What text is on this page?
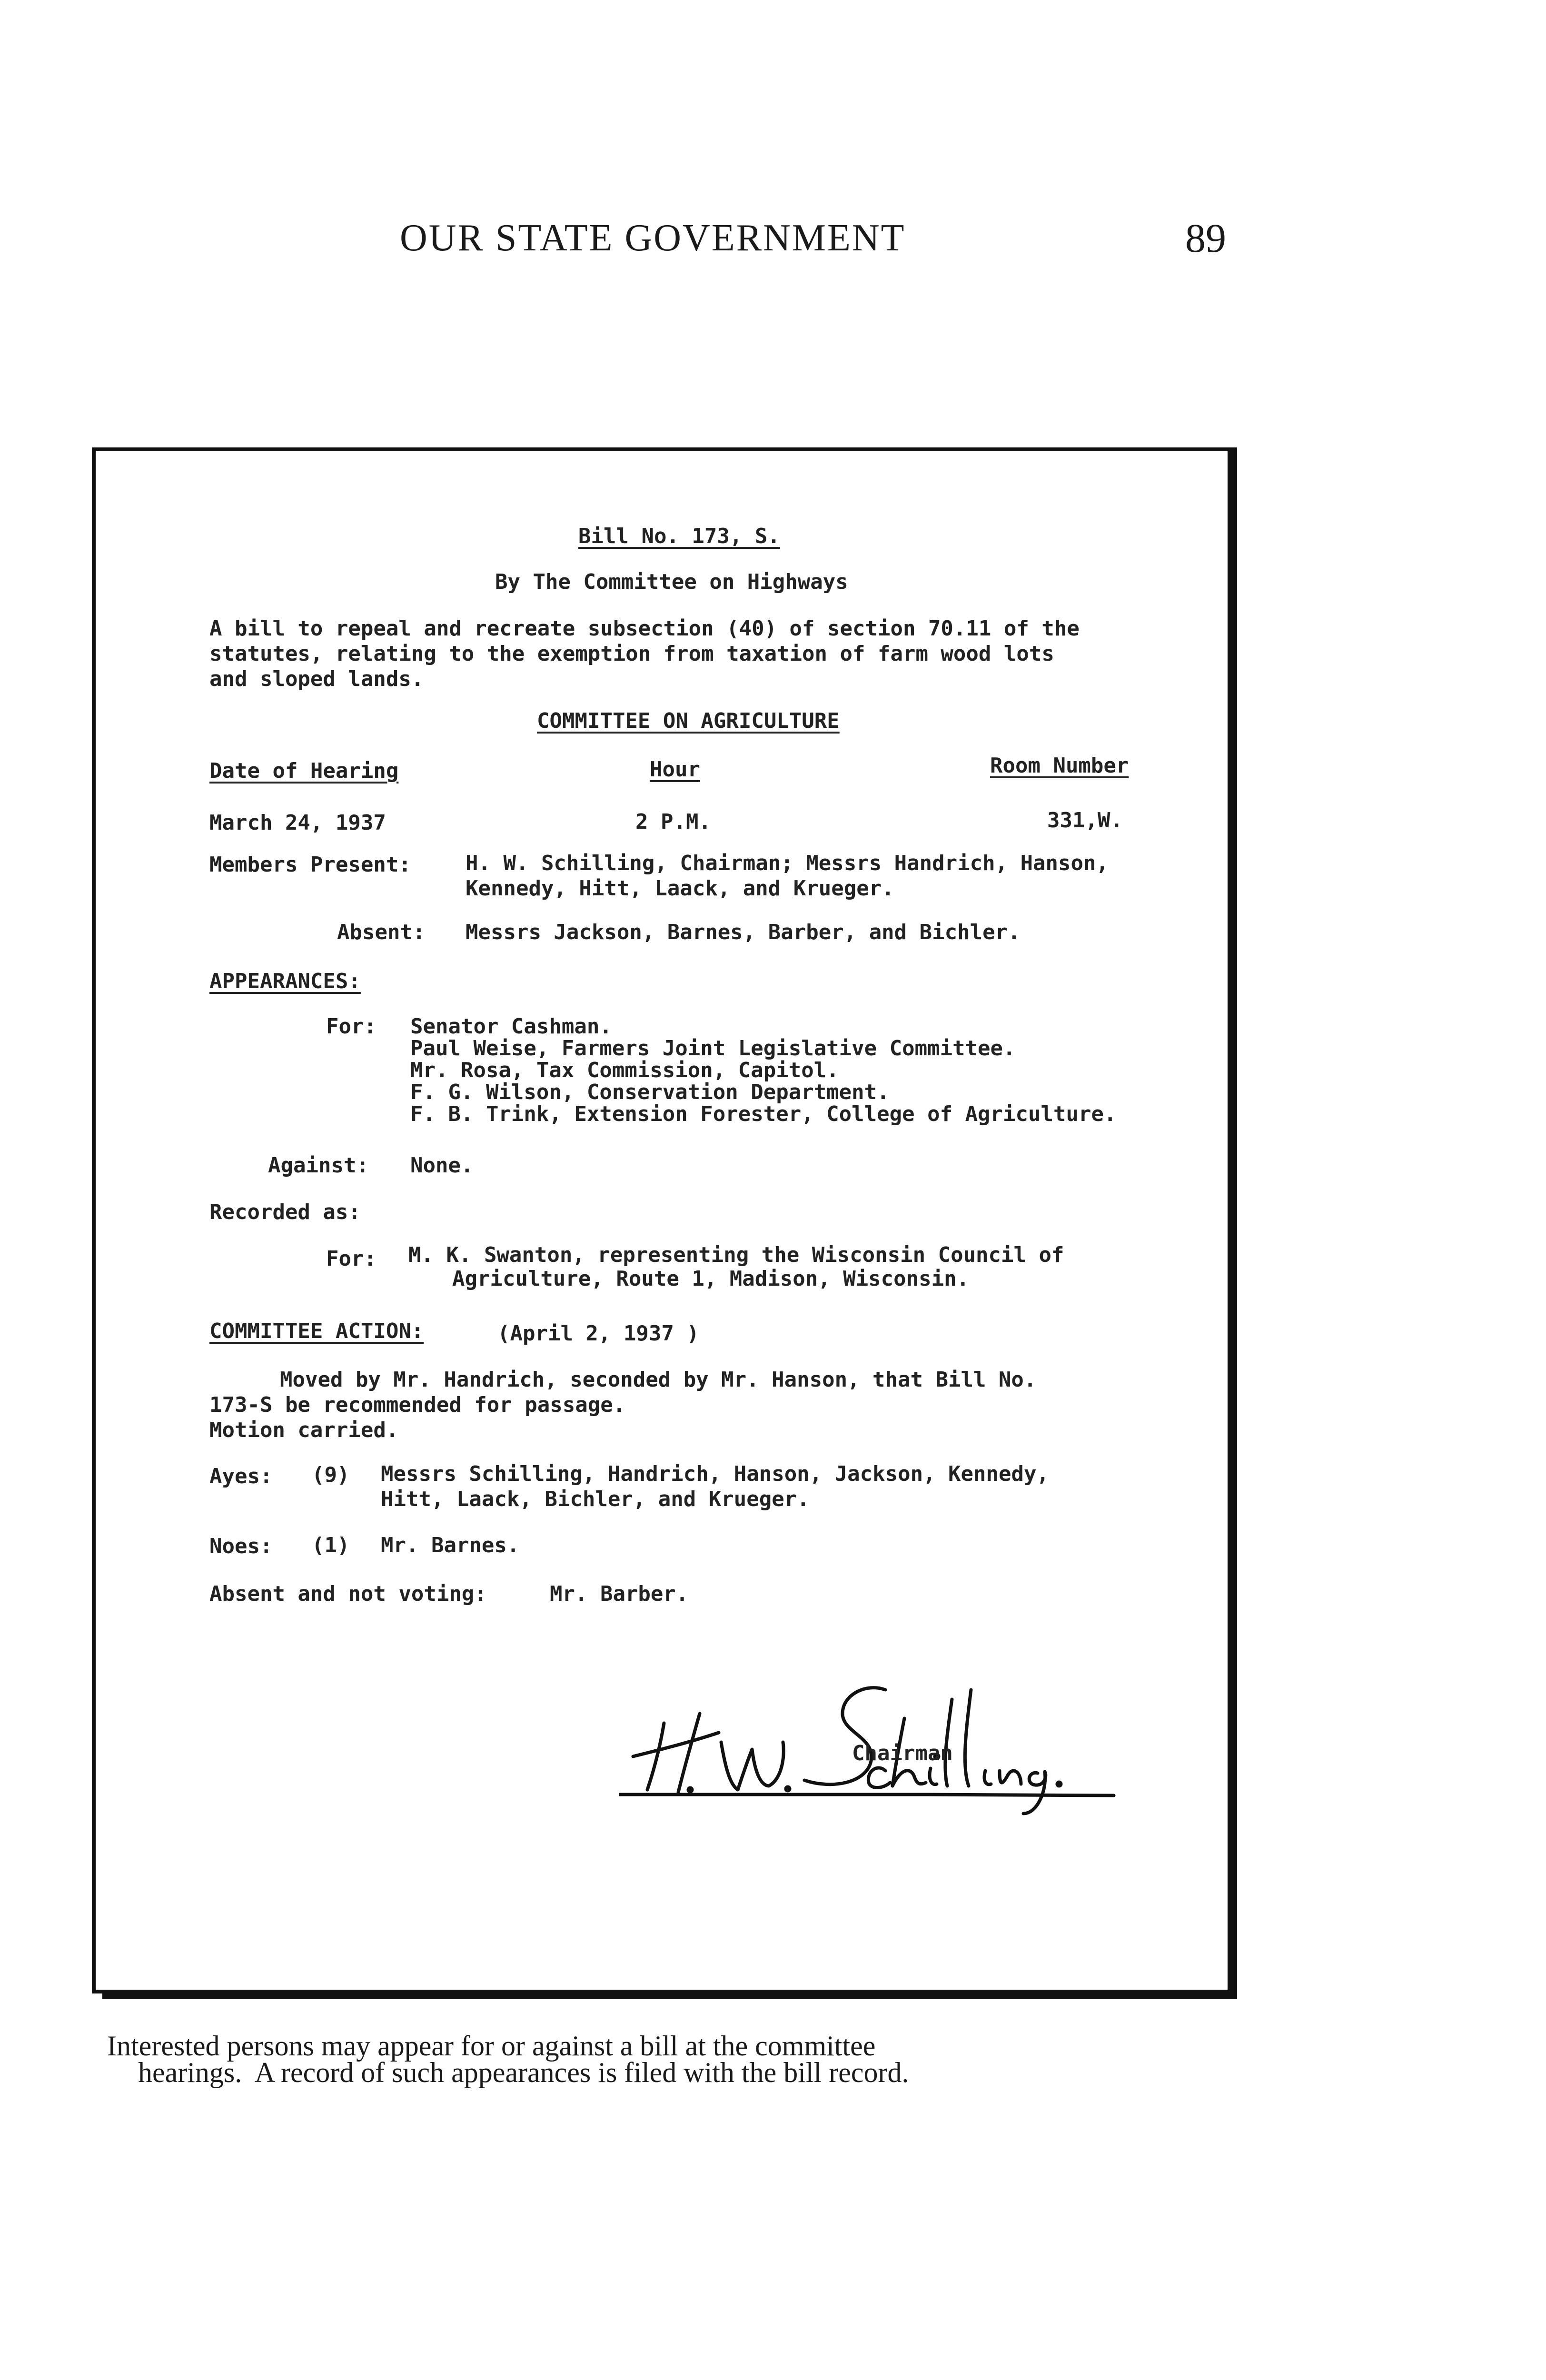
OUR STATE GOVERNMENT	89
Bill No. 173, S.
By The Committee on Highways
A bill to repeal and recreate subsection (40) of section 70.11 of the
statutes, relating to the exemption from taxation of farm wood lots
and sloped lands.
COMMITTEE ON AGRICULTURE
Date of Hearing	Hour	Room Number
March 24, 1937	2 P.M.	331,W.
Members Present:	H. W. Schilling, Chairman; Messrs Handrich, Hanson,
Kennedy, Hitt, Laack, and Krueger.
Absent: Messrs Jackson, Barnes, Barber, and Bichler.
APPEARANCES:
For: Senator Cashman.
Paul Weise, Farmers Joint Legislative Committee.
Mr. Rosa, Tax Commission, Capitol.
F. G. Wilson, Conservation Department.
F. B. Trink, Extension Forester, College of Agriculture.
Against: None.
Recorded as:
For: M. K. Swanton, representing the Wisconsin Council of
Agriculture, Route 1, Madison, Wisconsin.
COMMITTEE ACTION:	(April 2, 1937 )
Moved by Mr. Handrich, seconded by Mr. Hanson, that Bill No.
173-S be recommended for passage.
Motion carried.
Ayes: (9) Messrs Schilling, Handrich, Hanson, Jackson, Kennedy,
Hitt, Laack, Bichler, and Krueger.
Noes: (1) Mr. Barnes.
Absent and not voting:	Mr. Barber.
Chairman
Interested persons may appear for or against a bill at the committee
hearings.  A record of such appearances is filed with the bill record.
